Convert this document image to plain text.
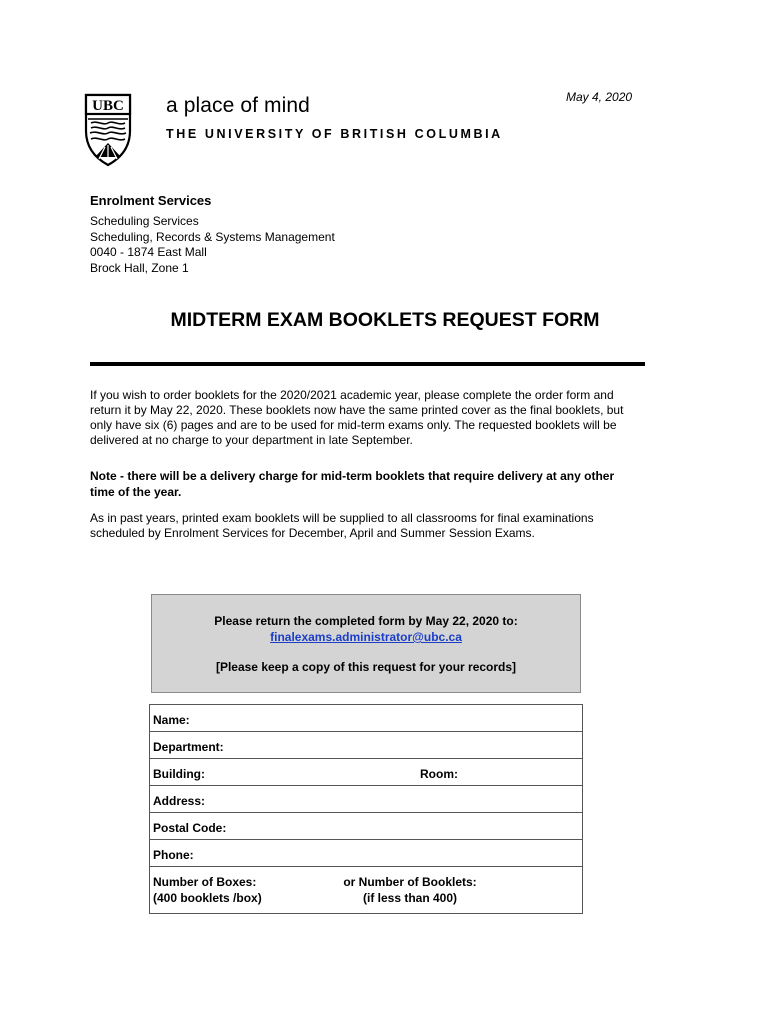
May 4, 2020
UBC a place of mind
THE UNIVERSITY OF BRITISH COLUMBIA
Enrolment Services
Scheduling Services
Scheduling, Records & Systems Management
0040 - 1874 East Mall
Brock Hall, Zone 1
MIDTERM EXAM BOOKLETS REQUEST FORM
If you wish to order booklets for the 2020/2021 academic year, please complete the order form and return it by May 22, 2020. These booklets now have the same printed cover as the final booklets, but only have six (6) pages and are to be used for mid-term exams only. The requested booklets will be delivered at no charge to your department in late September.
Note - there will be a delivery charge for mid-term booklets that require delivery at any other time of the year.
As in past years, printed exam booklets will be supplied to all classrooms for final examinations scheduled by Enrolment Services for December, April and Summer Session Exams.
Please return the completed form by May 22, 2020 to:
finalexams.administrator@ubc.ca
[Please keep a copy of this request for your records]
Name:
Department:
Building:	Room:
Address:
Postal Code:
Phone:
Number of Boxes:
(400 booklets /box)
or Number of Booklets:
(if less than 400)
